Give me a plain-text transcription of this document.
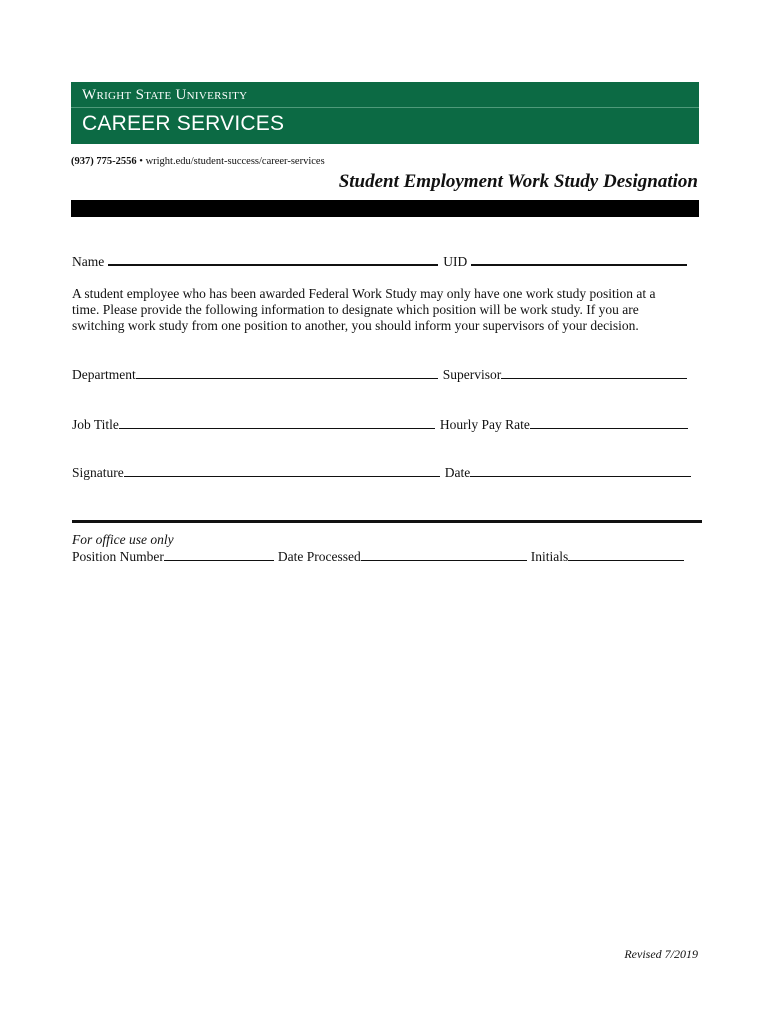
Wright State University
CAREER SERVICES
(937) 775-2556 • wright.edu/student-success/career-services
Student Employment Work Study Designation
Name	UID
A student employee who has been awarded Federal Work Study may only have one work study position at a time. Please provide the following information to designate which position will be work study. If you are switching work study from one position to another, you should inform your supervisors of your decision.
Department	Supervisor
Job Title	Hourly Pay Rate
Signature	Date
For office use only
Position Number	Date Processed	Initials
Revised 7/2019
